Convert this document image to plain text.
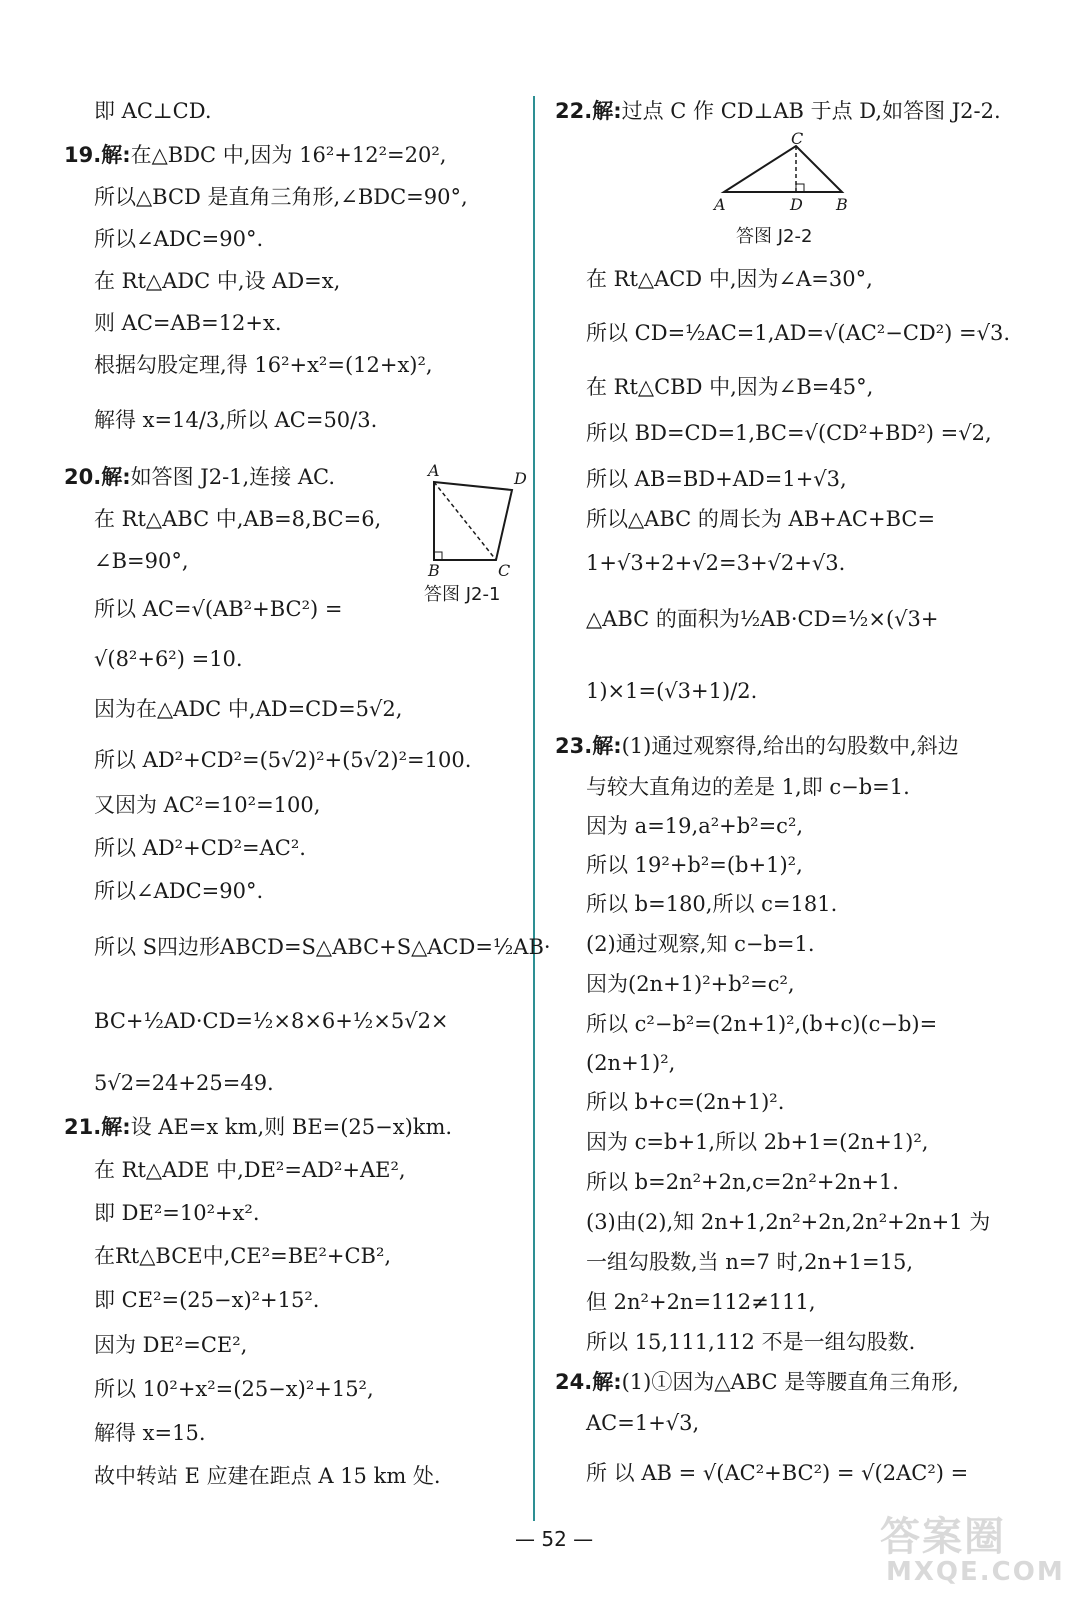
即 AC⊥CD.
19.解:在△BDC 中,因为 16²+12²=20²,
所以△BCD 是直角三角形,∠BDC=90°,
所以∠ADC=90°.
在 Rt△ADC 中,设 AD=x,
则 AC=AB=12+x.
根据勾股定理,得 16²+x²=(12+x)²,
解得 x=14/3,所以 AC=50/3.
20.解:如答图 J2-1,连接 AC.
在 Rt△ABC 中,AB=8,BC=6,
∠B=90°,
所以 AC=√(AB²+BC²) =
√(8²+6²) =10.
因为在△ADC 中,AD=CD=5√2,
所以 AD²+CD²=(5√2)²+(5√2)²=100.
又因为 AC²=10²=100,
所以 AD²+CD²=AC².
所以∠ADC=90°.
所以 S四边形ABCD=S△ABC+S△ACD=½AB·
BC+½AD·CD=½×8×6+½×5√2×
5√2=24+25=49.
21.解:设 AE=x km,则 BE=(25−x)km.
在 Rt△ADE 中,DE²=AD²+AE²,
即 DE²=10²+x².
在Rt△BCE中,CE²=BE²+CB²,
即 CE²=(25−x)²+15².
因为 DE²=CE²,
所以 10²+x²=(25−x)²+15²,
解得 x=15.
故中转站 E 应建在距点 A 15 km 处.
22.解:过点 C 作 CD⊥AB 于点 D,如答图 J2-2.
在 Rt△ACD 中,因为∠A=30°,
所以 CD=½AC=1,AD=√(AC²−CD²) =√3.
在 Rt△CBD 中,因为∠B=45°,
所以 BD=CD=1,BC=√(CD²+BD²) =√2,
所以 AB=BD+AD=1+√3,
所以△ABC 的周长为 AB+AC+BC=
1+√3+2+√2=3+√2+√3.
△ABC 的面积为½AB·CD=½×(√3+
1)×1=(√3+1)/2.
23.解:(1)通过观察得,给出的勾股数中,斜边
与较大直角边的差是 1,即 c−b=1.
因为 a=19,a²+b²=c²,
所以 19²+b²=(b+1)²,
所以 b=180,所以 c=181.
(2)通过观察,知 c−b=1.
因为(2n+1)²+b²=c²,
所以 c²−b²=(2n+1)²,(b+c)(c−b)=
(2n+1)²,
所以 b+c=(2n+1)².
因为 c=b+1,所以 2b+1=(2n+1)²,
所以 b=2n²+2n,c=2n²+2n+1.
(3)由(2),知 2n+1,2n²+2n,2n²+2n+1 为
一组勾股数,当 n=7 时,2n+1=15,
但 2n²+2n=112≠111,
所以 15,111,112 不是一组勾股数.
24.解:(1)①因为△ABC 是等腰直角三角形,
AC=1+√3,
所 以 AB = √(AC²+BC²) = √(2AC²) =
A	D
B	C
答图 J2-1
C
A	D B
答图 J2-2
— 52 —	答案圈
MXQE.COM
